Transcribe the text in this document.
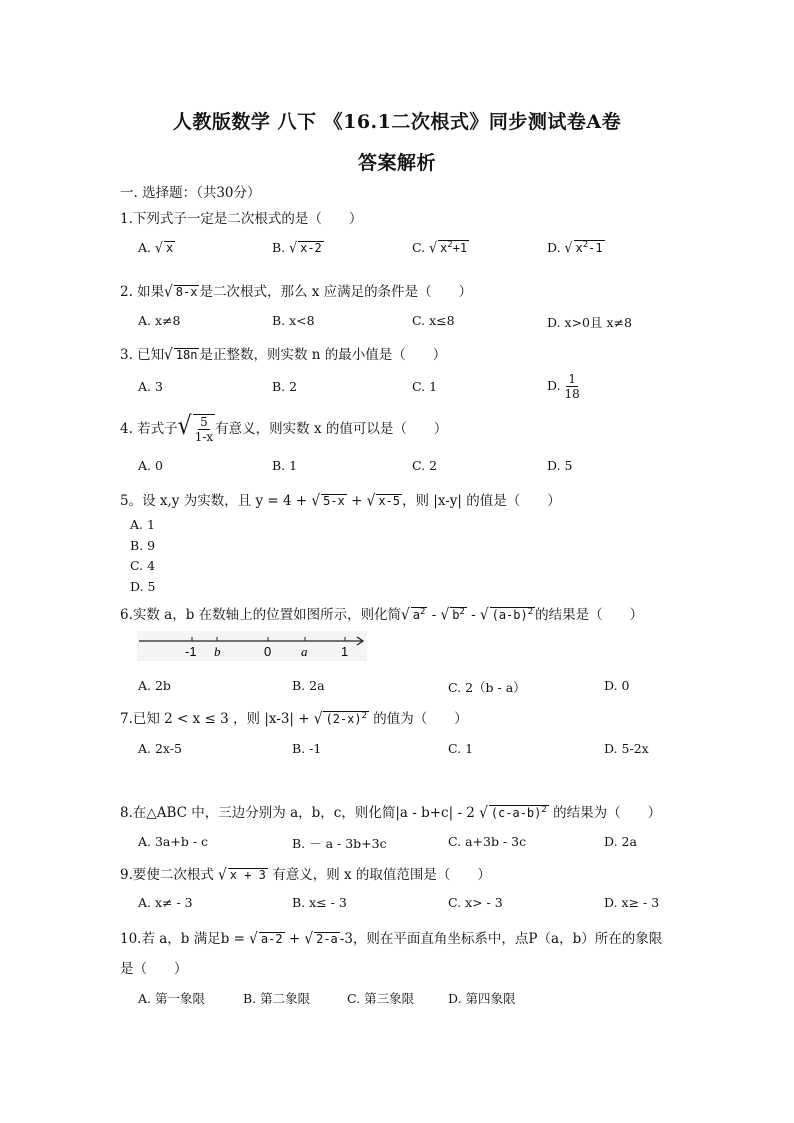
人教版数学 八下 《16.1二次根式》同步测试卷A卷
答案解析
一. 选择题：（共30分）
1.下列式子一定是二次根式的是（　　）
A. √ x	B. √ x-2	C. √ $x^2+1$	D. √ $x^2-1$
2. 如果√ 8-x 是二次根式，那么 x 应满足的条件是（　　）
A. x≠8	B. x<8	C. x≤8	D. x>0且 x≠8
3. 已知√ 18n 是正整数，则实数 n 的最小值是（　　）
A. 3	B. 2	C. 1	D. $\frac{1}{18}$
4. 若式子√ $\frac{5}{1-x}$ 有意义，则实数 x 的值可以是（　　）
A. 0	B. 1	C. 2	D. 5
5。设 x,y 为实数，且 y = 4 + √ 5-x + √ x-5 ，则 |x-y| 的值是（　　）
A. 1
B. 9
C. 4
D. 5
6.实数 a，b 在数轴上的位置如图所示，则化简√ $a^2$ - √ $b^2$ - √ $(a-b)^2$ 的结果是（　　）
-1 b	0 a	1
A. 2b	B. 2a	C. 2（b - a）	D. 0
7.已知 2 < x ≤ 3 ，则 |x-3| + √ $(2-x)^2$ 的值为（　　）
A. 2x-5	B. -1	C. 1	D. 5-2x
8.在△ABC 中，三边分别为 a，b，c，则化简|a - b+c| - 2 √ $(c-a-b)^2$ 的结果为（　　）
A. 3a+b - c	B. － a - 3b+3c	C. a+3b - 3c	D. 2a
9.要使二次根式 √ x + 3 有意义，则 x 的取值范围是（　　）
A. x≠ - 3	B. x≤ - 3	C. x> - 3	D. x≥ - 3
10.若 a，b 满足b = √ a-2 + √ 2-a -3，则在平面直角坐标系中，点P（a，b）所在的象限
是（　　）
A. 第一象限	B. 第二象限	C. 第三象限	D. 第四象限
